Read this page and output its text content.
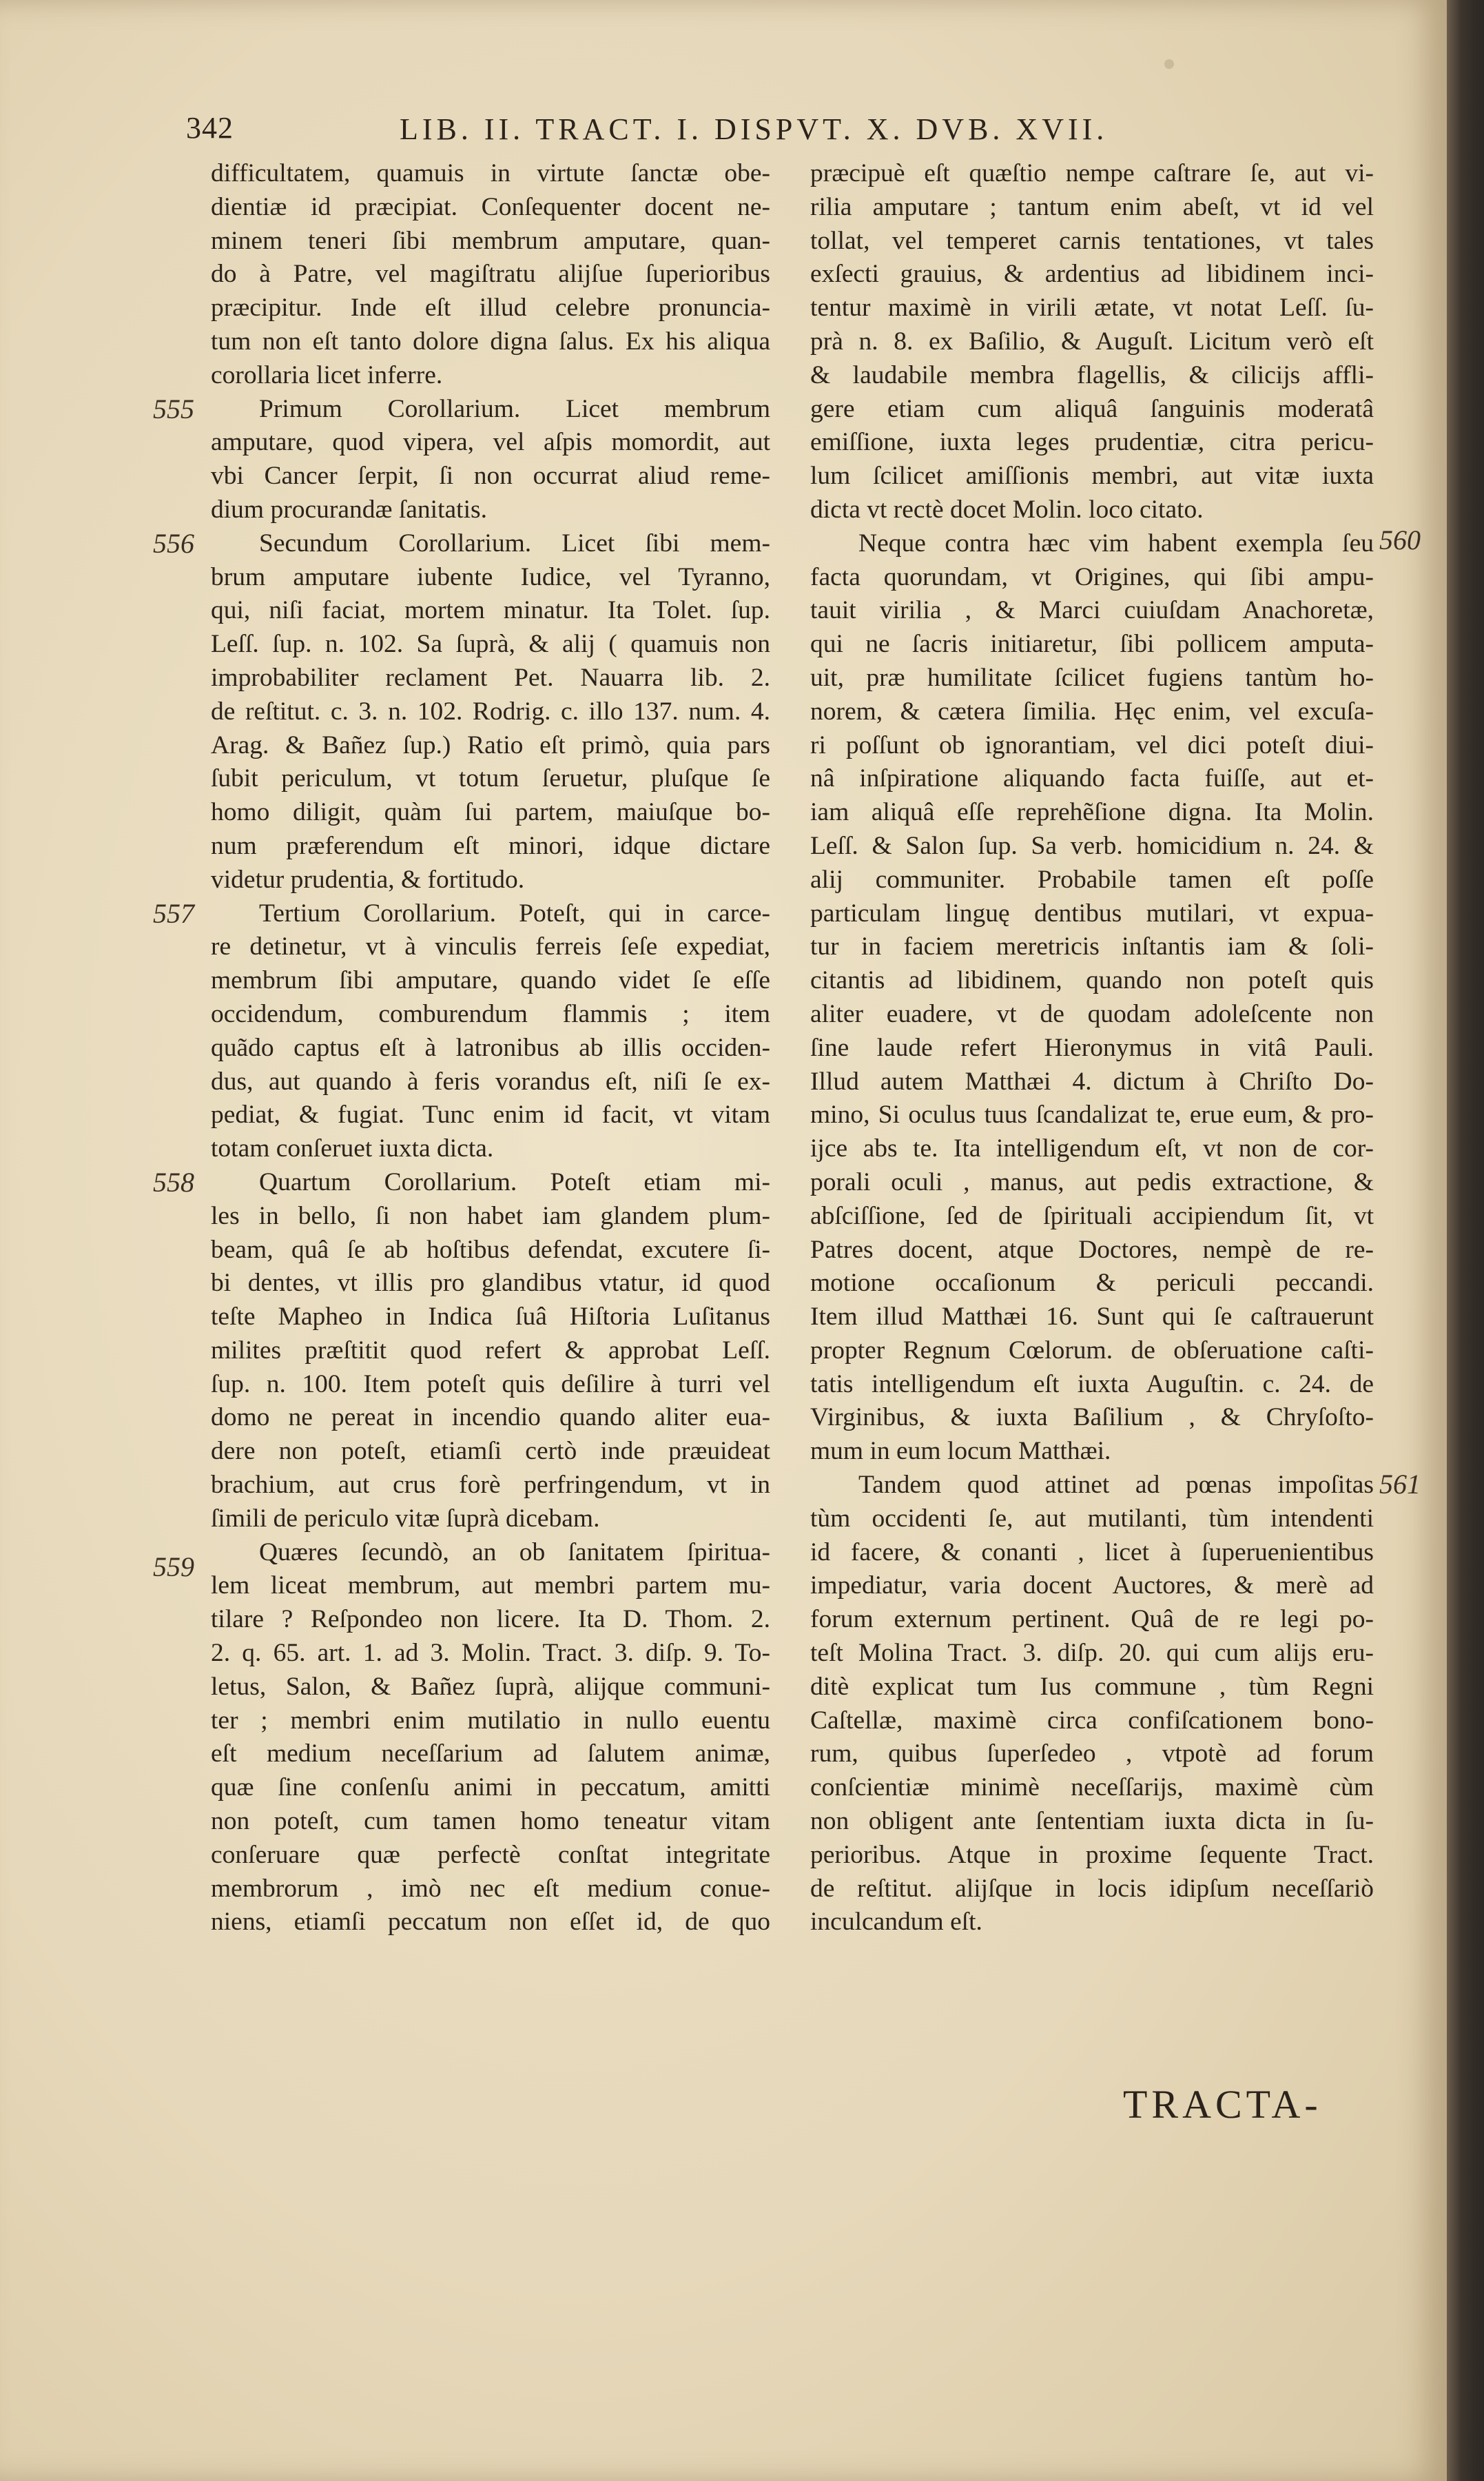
342	LIB. II. TRACT. I. DISPVT. X. DVB. XVII.
difficultatem, quamuis in virtute ſanctæ obe-
dientiæ id præcipiat. Conſequenter docent ne-
minem teneri ſibi membrum amputare, quan-
do à Patre, vel magiſtratu alijſue ſuperioribus
præcipitur. Inde eſt illud celebre pronuncia-
tum non eſt tanto dolore digna ſalus. Ex his aliqua
corollaria licet inferre.
Primum Corollarium. Licet membrum
amputare, quod vipera, vel aſpis momordit, aut
vbi Cancer ſerpit, ſi non occurrat aliud reme-
dium procurandæ ſanitatis.
Secundum Corollarium. Licet ſibi mem-
brum amputare iubente Iudice, vel Tyranno,
qui, niſi faciat, mortem minatur. Ita Tolet. ſup.
Leſſ. ſup. n. 102. Sa ſuprà, & alij ( quamuis non
improbabiliter reclament Pet. Nauarra lib. 2.
de reſtitut. c. 3. n. 102. Rodrig. c. illo 137. num. 4.
Arag. & Bañez ſup.) Ratio eſt primò, quia pars
ſubit periculum, vt totum ſeruetur, pluſque ſe
homo diligit, quàm ſui partem, maiuſque bo-
num præferendum eſt minori, idque dictare
videtur prudentia, & fortitudo.
Tertium Corollarium. Poteſt, qui in carce-
re detinetur, vt à vinculis ferreis ſeſe expediat,
membrum ſibi amputare, quando videt ſe eſſe
occidendum, comburendum flammis ; item
quãdo captus eſt à latronibus ab illis occiden-
dus, aut quando à feris vorandus eſt, niſi ſe ex-
pediat, & fugiat. Tunc enim id facit, vt vitam
totam conſeruet iuxta dicta.
Quartum Corollarium. Poteſt etiam mi-
les in bello, ſi non habet iam glandem plum-
beam, quâ ſe ab hoſtibus defendat, excutere ſi-
bi dentes, vt illis pro glandibus vtatur, id quod
teſte Mapheo in Indica ſuâ Hiſtoria Luſitanus
milites præſtitit quod refert & approbat Leſſ.
ſup. n. 100. Item poteſt quis deſilire à turri vel
domo ne pereat in incendio quando aliter eua-
dere non poteſt, etiamſi certò inde præuideat
brachium, aut crus forè perfringendum, vt in
ſimili de periculo vitæ ſuprà dicebam.
Quæres ſecundò, an ob ſanitatem ſpiritua-
lem liceat membrum, aut membri partem mu-
tilare ? Reſpondeo non licere. Ita D. Thom. 2.
2. q. 65. art. 1. ad 3. Molin. Tract. 3. diſp. 9. To-
letus, Salon, & Bañez ſuprà, alijque communi-
ter ; membri enim mutilatio in nullo euentu
eſt medium neceſſarium ad ſalutem animæ,
quæ ſine conſenſu animi in peccatum, amitti
non poteſt, cum tamen homo teneatur vitam
conſeruare quæ perfectè conſtat integritate
membrorum , imò nec eſt medium conue-
niens, etiamſi peccatum non eſſet id, de quo
præcipuè eſt quæſtio nempe caſtrare ſe, aut vi-
rilia amputare ; tantum enim abeſt, vt id vel
tollat, vel temperet carnis tentationes, vt tales
exſecti grauius, & ardentius ad libidinem inci-
tentur maximè in virili ætate, vt notat Leſſ. ſu-
prà n. 8. ex Baſilio, & Auguſt. Licitum verò eſt
& laudabile membra flagellis, & cilicijs affli-
gere etiam cum aliquâ ſanguinis moderatâ
emiſſione, iuxta leges prudentiæ, citra pericu-
lum ſcilicet amiſſionis membri, aut vitæ iuxta
dicta vt rectè docet Molin. loco citato.
Neque contra hæc vim habent exempla ſeu
facta quorundam, vt Origines, qui ſibi ampu-
tauit virilia , & Marci cuiuſdam Anachoretæ,
qui ne ſacris initiaretur, ſibi pollicem amputa-
uit, præ humilitate ſcilicet fugiens tantùm ho-
norem, & cætera ſimilia. Hęc enim, vel excuſa-
ri poſſunt ob ignorantiam, vel dici poteſt diui-
nâ inſpiratione aliquando facta fuiſſe, aut et-
iam aliquâ eſſe reprehẽſione digna. Ita Molin.
Leſſ. & Salon ſup. Sa verb. homicidium n. 24. &
alij communiter. Probabile tamen eſt poſſe
particulam linguę dentibus mutilari, vt expua-
tur in faciem meretricis inſtantis iam & ſoli-
citantis ad libidinem, quando non poteſt quis
aliter euadere, vt de quodam adoleſcente non
ſine laude refert Hieronymus in vitâ Pauli.
Illud autem Matthæi 4. dictum à Chriſto Do-
mino, Si oculus tuus ſcandalizat te, erue eum, & pro-
ijce abs te. Ita intelligendum eſt, vt non de cor-
porali oculi , manus, aut pedis extractione, &
abſciſſione, ſed de ſpirituali accipiendum ſit, vt
Patres docent, atque Doctores, nempè de re-
motione occaſionum & periculi peccandi.
Item illud Matthæi 16. Sunt qui ſe caſtrauerunt
propter Regnum Cœlorum. de obſeruatione caſti-
tatis intelligendum eſt iuxta Auguſtin. c. 24. de
Virginibus, & iuxta Baſilium , & Chryſoſto-
mum in eum locum Matthæi.
Tandem quod attinet ad pœnas impoſitas
tùm occidenti ſe, aut mutilanti, tùm intendenti
id facere, & conanti , licet à ſuperuenientibus
impediatur, varia docent Auctores, & merè ad
forum externum pertinent. Quâ de re legi po-
teſt Molina Tract. 3. diſp. 20. qui cum alijs eru-
ditè explicat tum Ius commune , tùm Regni
Caſtellæ, maximè circa confiſcationem bono-
rum, quibus ſuperſedeo , vtpotè ad forum
conſcientiæ minimè neceſſarijs, maximè cùm
non obligent ante ſententiam iuxta dicta in ſu-
perioribus. Atque in proxime ſequente Tract.
de reſtitut. alijſque in locis idipſum neceſſariò
inculcandum eſt.
555
556
557
558
559
560
561
TRACTA-
